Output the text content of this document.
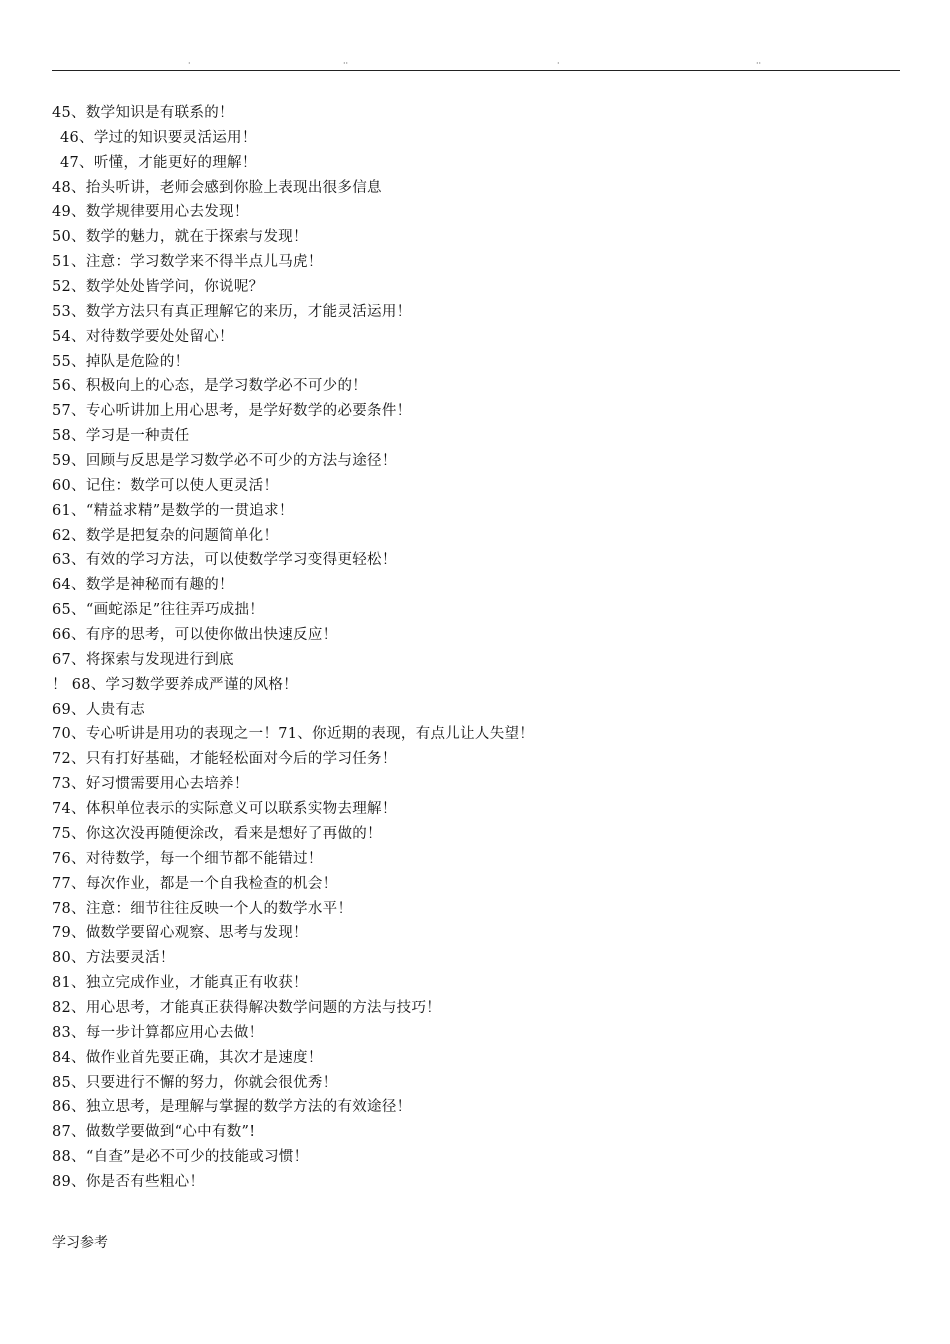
·	··	·	··
45、数学知识是有联系的！
46、学过的知识要灵活运用！
47、听懂，才能更好的理解！
48、抬头听讲，老师会感到你脸上表现出很多信息
49、数学规律要用心去发现！
50、数学的魅力，就在于探索与发现！
51、注意：学习数学来不得半点儿马虎！
52、数学处处皆学问，你说呢？
53、数学方法只有真正理解它的来历，才能灵活运用！
54、对待数学要处处留心！
55、掉队是危险的！
56、积极向上的心态，是学习数学必不可少的！
57、专心听讲加上用心思考，是学好数学的必要条件！
58、学习是一种责任
59、回顾与反思是学习数学必不可少的方法与途径！
60、记住：数学可以使人更灵活！
61、“精益求精”是数学的一贯追求！
62、数学是把复杂的问题简单化！
63、有效的学习方法，可以使数学学习变得更轻松！
64、数学是神秘而有趣的！
65、“画蛇添足”往往弄巧成拙！
66、有序的思考，可以使你做出快速反应！
67、将探索与发现进行到底
！ 68、学习数学要养成严谨的风格！
69、人贵有志
70、专心听讲是用功的表现之一！71、你近期的表现，有点儿让人失望！
72、只有打好基础，才能轻松面对今后的学习任务！
73、好习惯需要用心去培养！
74、体积单位表示的实际意义可以联系实物去理解！
75、你这次没再随便涂改，看来是想好了再做的！
76、对待数学，每一个细节都不能错过！
77、每次作业，都是一个自我检查的机会！
78、注意：细节往往反映一个人的数学水平！
79、做数学要留心观察、思考与发现！
80、方法要灵活！
81、独立完成作业，才能真正有收获！
82、用心思考，才能真正获得解决数学问题的方法与技巧！
83、每一步计算都应用心去做！
84、做作业首先要正确，其次才是速度！
85、只要进行不懈的努力，你就会很优秀！
86、独立思考，是理解与掌握的数学方法的有效途径！
87、做数学要做到“心中有数”!
88、“自查”是必不可少的技能或习惯！
89、你是否有些粗心！
学习参考
